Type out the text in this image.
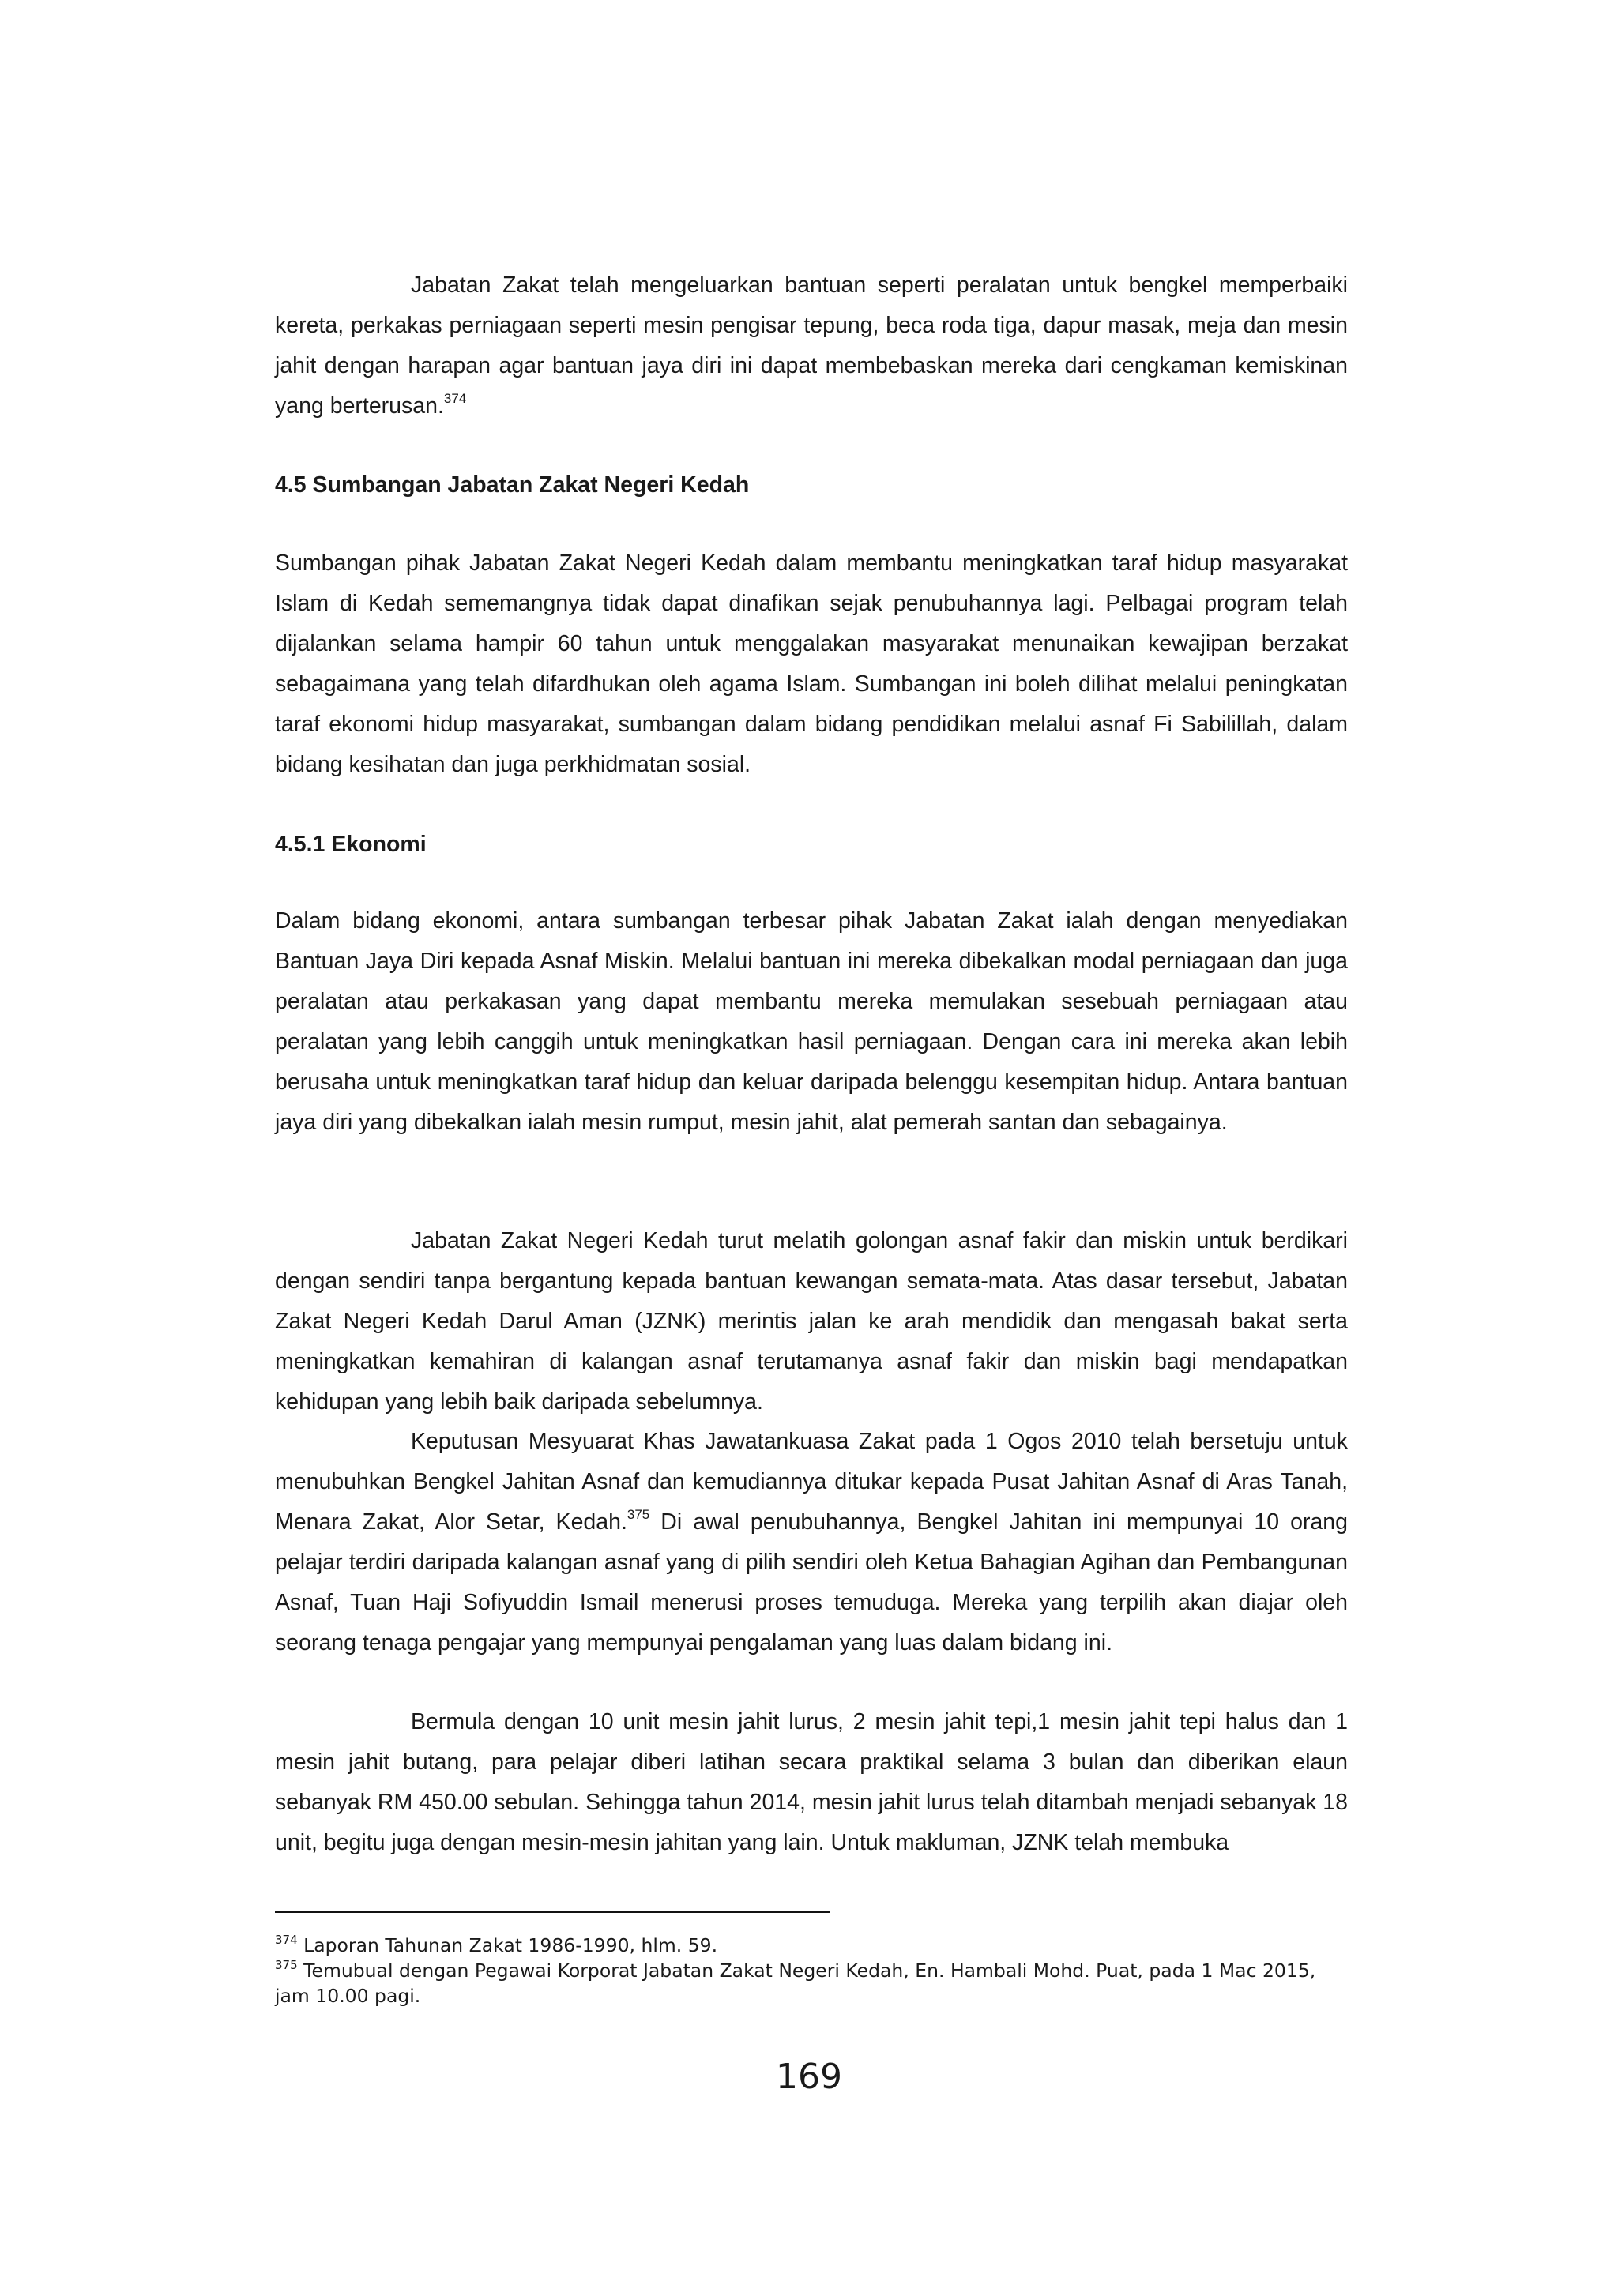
Jabatan Zakat telah mengeluarkan bantuan seperti peralatan untuk bengkel memperbaiki kereta, perkakas perniagaan seperti mesin pengisar tepung, beca roda tiga, dapur masak, meja dan mesin jahit dengan harapan agar bantuan jaya diri ini dapat membebaskan mereka dari cengkaman kemiskinan yang berterusan.$^{374}$

4.5 Sumbangan Jabatan Zakat Negeri Kedah

Sumbangan pihak Jabatan Zakat Negeri Kedah dalam membantu meningkatkan taraf hidup masyarakat Islam di Kedah sememangnya tidak dapat dinafikan sejak penubuhannya lagi. Pelbagai program telah dijalankan selama hampir 60 tahun untuk menggalakan masyarakat menunaikan kewajipan berzakat sebagaimana yang telah difardhukan oleh agama Islam. Sumbangan ini boleh dilihat melalui peningkatan taraf ekonomi hidup masyarakat, sumbangan dalam bidang pendidikan melalui asnaf Fi Sabilillah, dalam bidang kesihatan dan juga perkhidmatan sosial.

4.5.1 Ekonomi

Dalam bidang ekonomi, antara sumbangan terbesar pihak Jabatan Zakat ialah dengan menyediakan Bantuan Jaya Diri kepada Asnaf Miskin. Melalui bantuan ini mereka dibekalkan modal perniagaan dan juga peralatan atau perkakasan yang dapat membantu mereka memulakan sesebuah perniagaan atau peralatan yang lebih canggih untuk meningkatkan hasil perniagaan. Dengan cara ini mereka akan lebih berusaha untuk meningkatkan taraf hidup dan keluar daripada belenggu kesempitan hidup. Antara bantuan jaya diri yang dibekalkan ialah mesin rumput, mesin jahit, alat pemerah santan dan sebagainya.

Jabatan Zakat Negeri Kedah turut melatih golongan asnaf fakir dan miskin untuk berdikari dengan sendiri tanpa bergantung kepada bantuan kewangan semata-mata. Atas dasar tersebut, Jabatan Zakat Negeri Kedah Darul Aman (JZNK) merintis jalan ke arah mendidik dan mengasah bakat serta meningkatkan kemahiran di kalangan asnaf terutamanya asnaf fakir dan miskin bagi mendapatkan kehidupan yang lebih baik daripada sebelumnya.

Keputusan Mesyuarat Khas Jawatankuasa Zakat pada 1 Ogos 2010 telah bersetuju untuk menubuhkan Bengkel Jahitan Asnaf dan kemudiannya ditukar kepada Pusat Jahitan Asnaf di Aras Tanah, Menara Zakat, Alor Setar, Kedah.$^{375}$ Di awal penubuhannya, Bengkel Jahitan ini mempunyai 10 orang pelajar terdiri daripada kalangan asnaf yang di pilih sendiri oleh Ketua Bahagian Agihan dan Pembangunan Asnaf, Tuan Haji Sofiyuddin Ismail menerusi proses temuduga. Mereka yang terpilih akan diajar oleh seorang tenaga pengajar yang mempunyai pengalaman yang luas dalam bidang ini.

Bermula dengan 10 unit mesin jahit lurus, 2 mesin jahit tepi,1 mesin jahit tepi halus dan 1 mesin jahit butang, para pelajar diberi latihan secara praktikal selama 3 bulan dan diberikan elaun sebanyak RM 450.00 sebulan. Sehingga tahun 2014, mesin jahit lurus telah ditambah menjadi sebanyak 18 unit, begitu juga dengan mesin-mesin jahitan yang lain. Untuk makluman, JZNK telah membuka

$^{374}$ Laporan Tahunan Zakat 1986-1990, hlm. 59.

$^{375}$ Temubual dengan Pegawai Korporat Jabatan Zakat Negeri Kedah, En. Hambali Mohd. Puat, pada 1 Mac 2015, jam 10.00 pagi.

169
